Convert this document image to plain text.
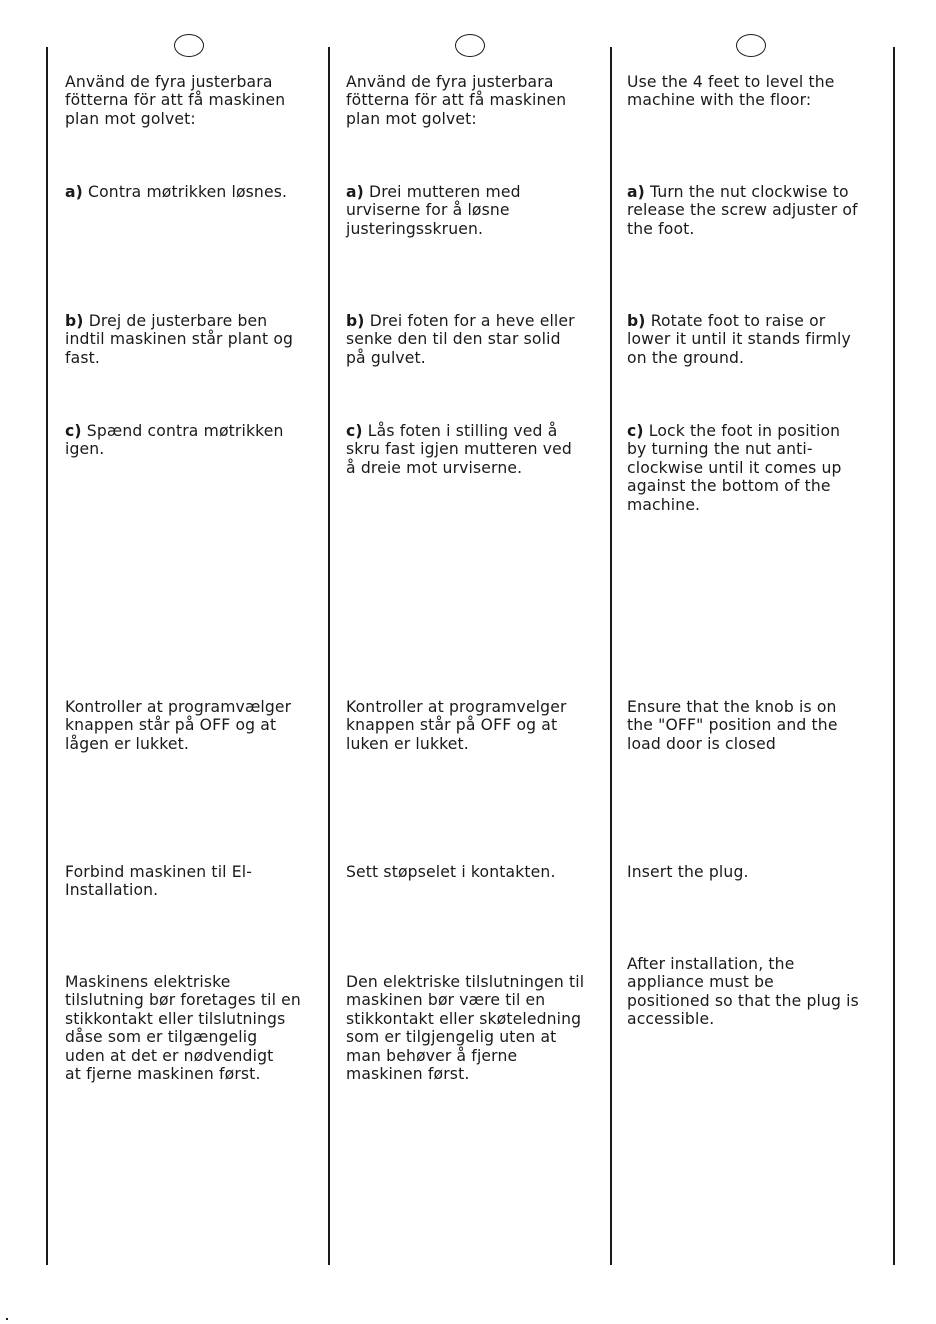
Använd de fyra justerbara
fötterna för att få maskinen
plan mot golvet:

a) Contra møtrikken løsnes.

b) Drej de justerbare ben
indtil maskinen står plant og
fast.

c) Spænd contra møtrikken
igen.

Kontroller at programvælger
knappen står på OFF og at
lågen er lukket.

Forbind maskinen til El-
Installation.

Maskinens elektriske
tilslutning bør foretages til en
stikkontakt eller tilslutnings
dåse som er tilgængelig
uden at det er nødvendigt
at fjerne maskinen først.

Använd de fyra justerbara
fötterna för att få maskinen
plan mot golvet:

a) Drei mutteren med
urviserne for å løsne
justeringsskruen.

b) Drei foten for a heve eller
senke den til den star solid
på gulvet.

c) Lås foten i stilling ved å
skru fast igjen mutteren ved
å dreie mot urviserne.

Kontroller at programvelger
knappen står på OFF og at
luken er lukket.

Sett støpselet i kontakten.

Den elektriske tilslutningen til
maskinen bør være til en
stikkontakt eller skøteledning
som er tilgjengelig uten at
man behøver å fjerne
maskinen først.

Use the 4 feet to level the
machine with the floor:

a) Turn the nut clockwise to
release the screw adjuster of
the foot.

b) Rotate foot to raise or
lower it until it stands firmly
on the ground.

c) Lock the foot in position
by turning the nut anti-
clockwise until it comes up
against the bottom of the
machine.

Ensure that the knob is on
the "OFF" position and the
load door is closed

Insert the plug.

After installation, the
appliance must be
positioned so that the plug is
accessible.
